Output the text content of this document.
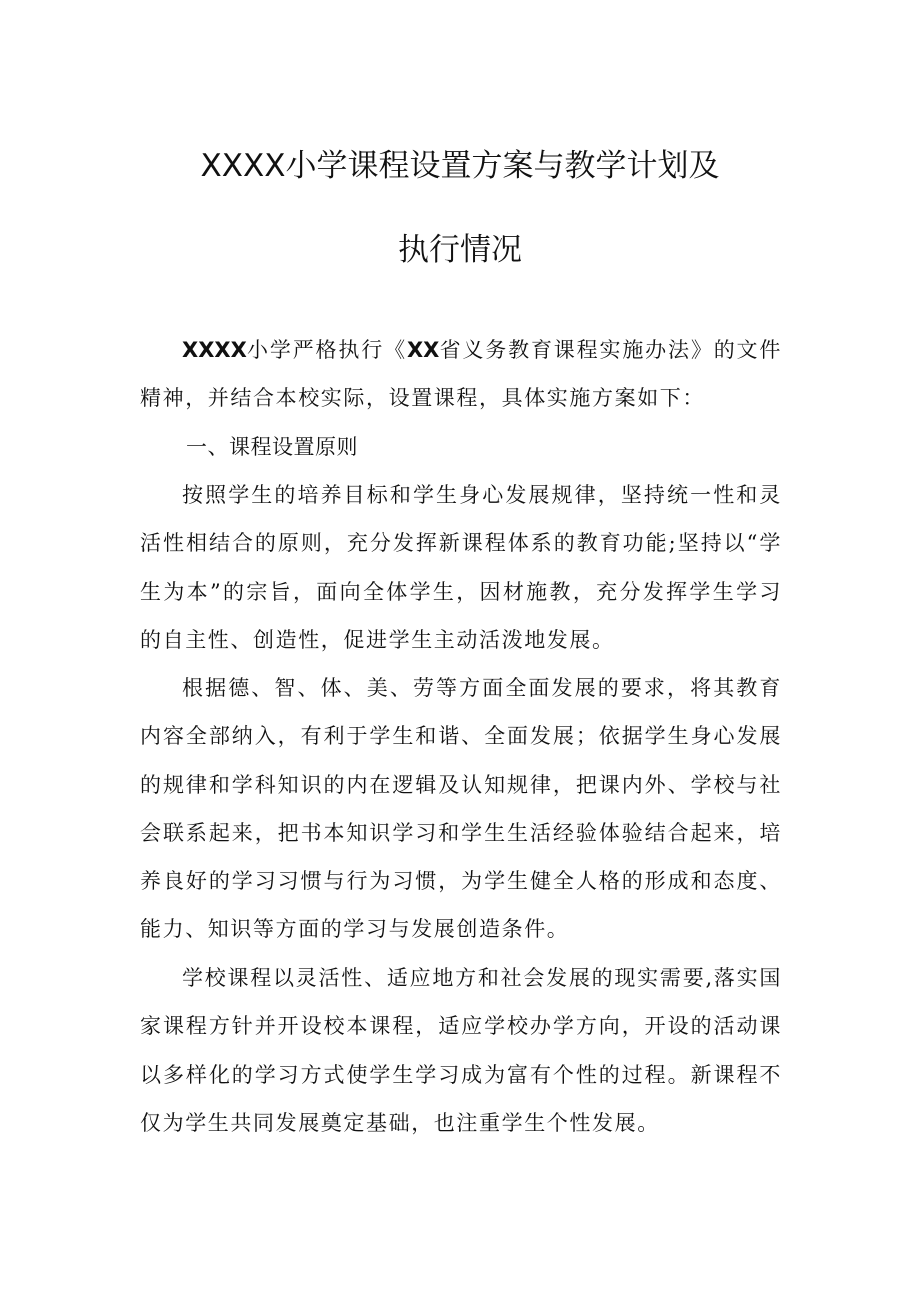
XXXX小学课程设置方案与教学计划及
执行情况

XXXX小学严格执行《XX省义务教育课程实施办法》的文件精神，并结合本校实际，设置课程，具体实施方案如下：

一、课程设置原则

按照学生的培养目标和学生身心发展规律，坚持统一性和灵活性相结合的原则，充分发挥新课程体系的教育功能;坚持以“学生为本”的宗旨，面向全体学生，因材施教，充分发挥学生学习的自主性、创造性，促进学生主动活泼地发展。

根据德、智、体、美、劳等方面全面发展的要求，将其教育内容全部纳入，有利于学生和谐、全面发展；依据学生身心发展的规律和学科知识的内在逻辑及认知规律，把课内外、学校与社会联系起来，把书本知识学习和学生生活经验体验结合起来，培养良好的学习习惯与行为习惯，为学生健全人格的形成和态度、能力、知识等方面的学习与发展创造条件。

学校课程以灵活性、适应地方和社会发展的现实需要,落实国家课程方针并开设校本课程，适应学校办学方向，开设的活动课以多样化的学习方式使学生学习成为富有个性的过程。新课程不仅为学生共同发展奠定基础，也注重学生个性发展。
